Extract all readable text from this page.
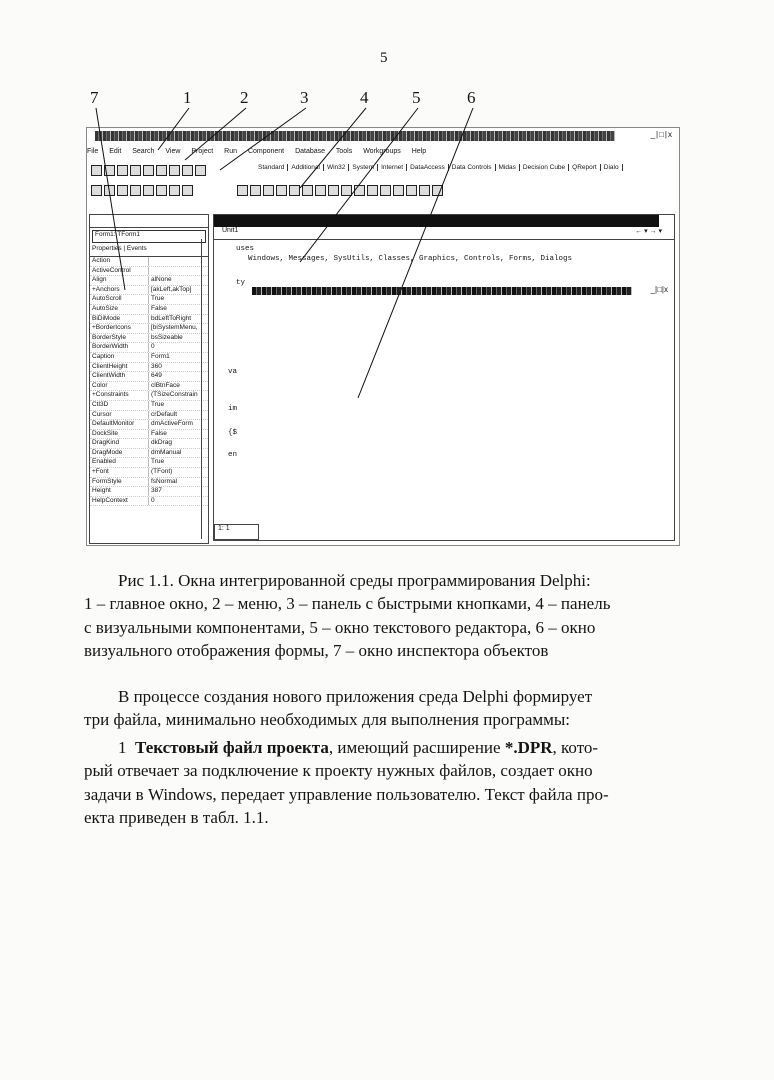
5
7	1	2	3	4	5	6
_|□|x
File Edit Search View Project Run Component Database Tools Workgroups Help
Standard Additional Win32 System Internet DataAccess Data Controls Midas Decision Cube QReport Dialo

Form1: TForm1
Properties | Events
Action
ActiveControl
Align	alNone
+Anchors	[akLeft,akTop]
AutoScroll	True
AutoSize	False
BiDiMode	bdLeftToRight
+BorderIcons	[biSystemMenu,
BorderStyle	bsSizeable
BorderWidth	0
Caption	Form1
ClientHeight	360
ClientWidth	649
Color	clBtnFace
+Constraints	(TSizeConstrain
Ctl3D	True
Cursor	crDefault
DefaultMonitor	dmActiveForm
DockSite	False
DragKind	dkDrag
DragMode	dmManual
Enabled	True
+Font	(TFont)
FormStyle	fsNormal
Height	387
HelpContext	0
Unit1	← ▾ → ▾
uses
Windows, Messages, SysUtils, Classes, Graphics, Controls, Forms, Dialogs
ty
_|□|x
va
im
{$
en
1: 1
Рис 1.1. Окна интегрированной среды программирования Delphi:
1 – главное окно, 2 – меню, 3 – панель с быстрыми кнопками, 4 – панель
с визуальными компонентами, 5 – окно текстового редактора, 6 – окно
визуального отображения формы, 7 – окно инспектора объектов
В процессе создания нового приложения среда Delphi формирует
три файла, минимально необходимых для выполнения программы:
1 Текстовый файл проекта, имеющий расширение *.DPR, кото-
рый отвечает за подключение к проекту нужных файлов, создает окно
задачи в Windows, передает управление пользователю. Текст файла про-
екта приведен в табл. 1.1.
